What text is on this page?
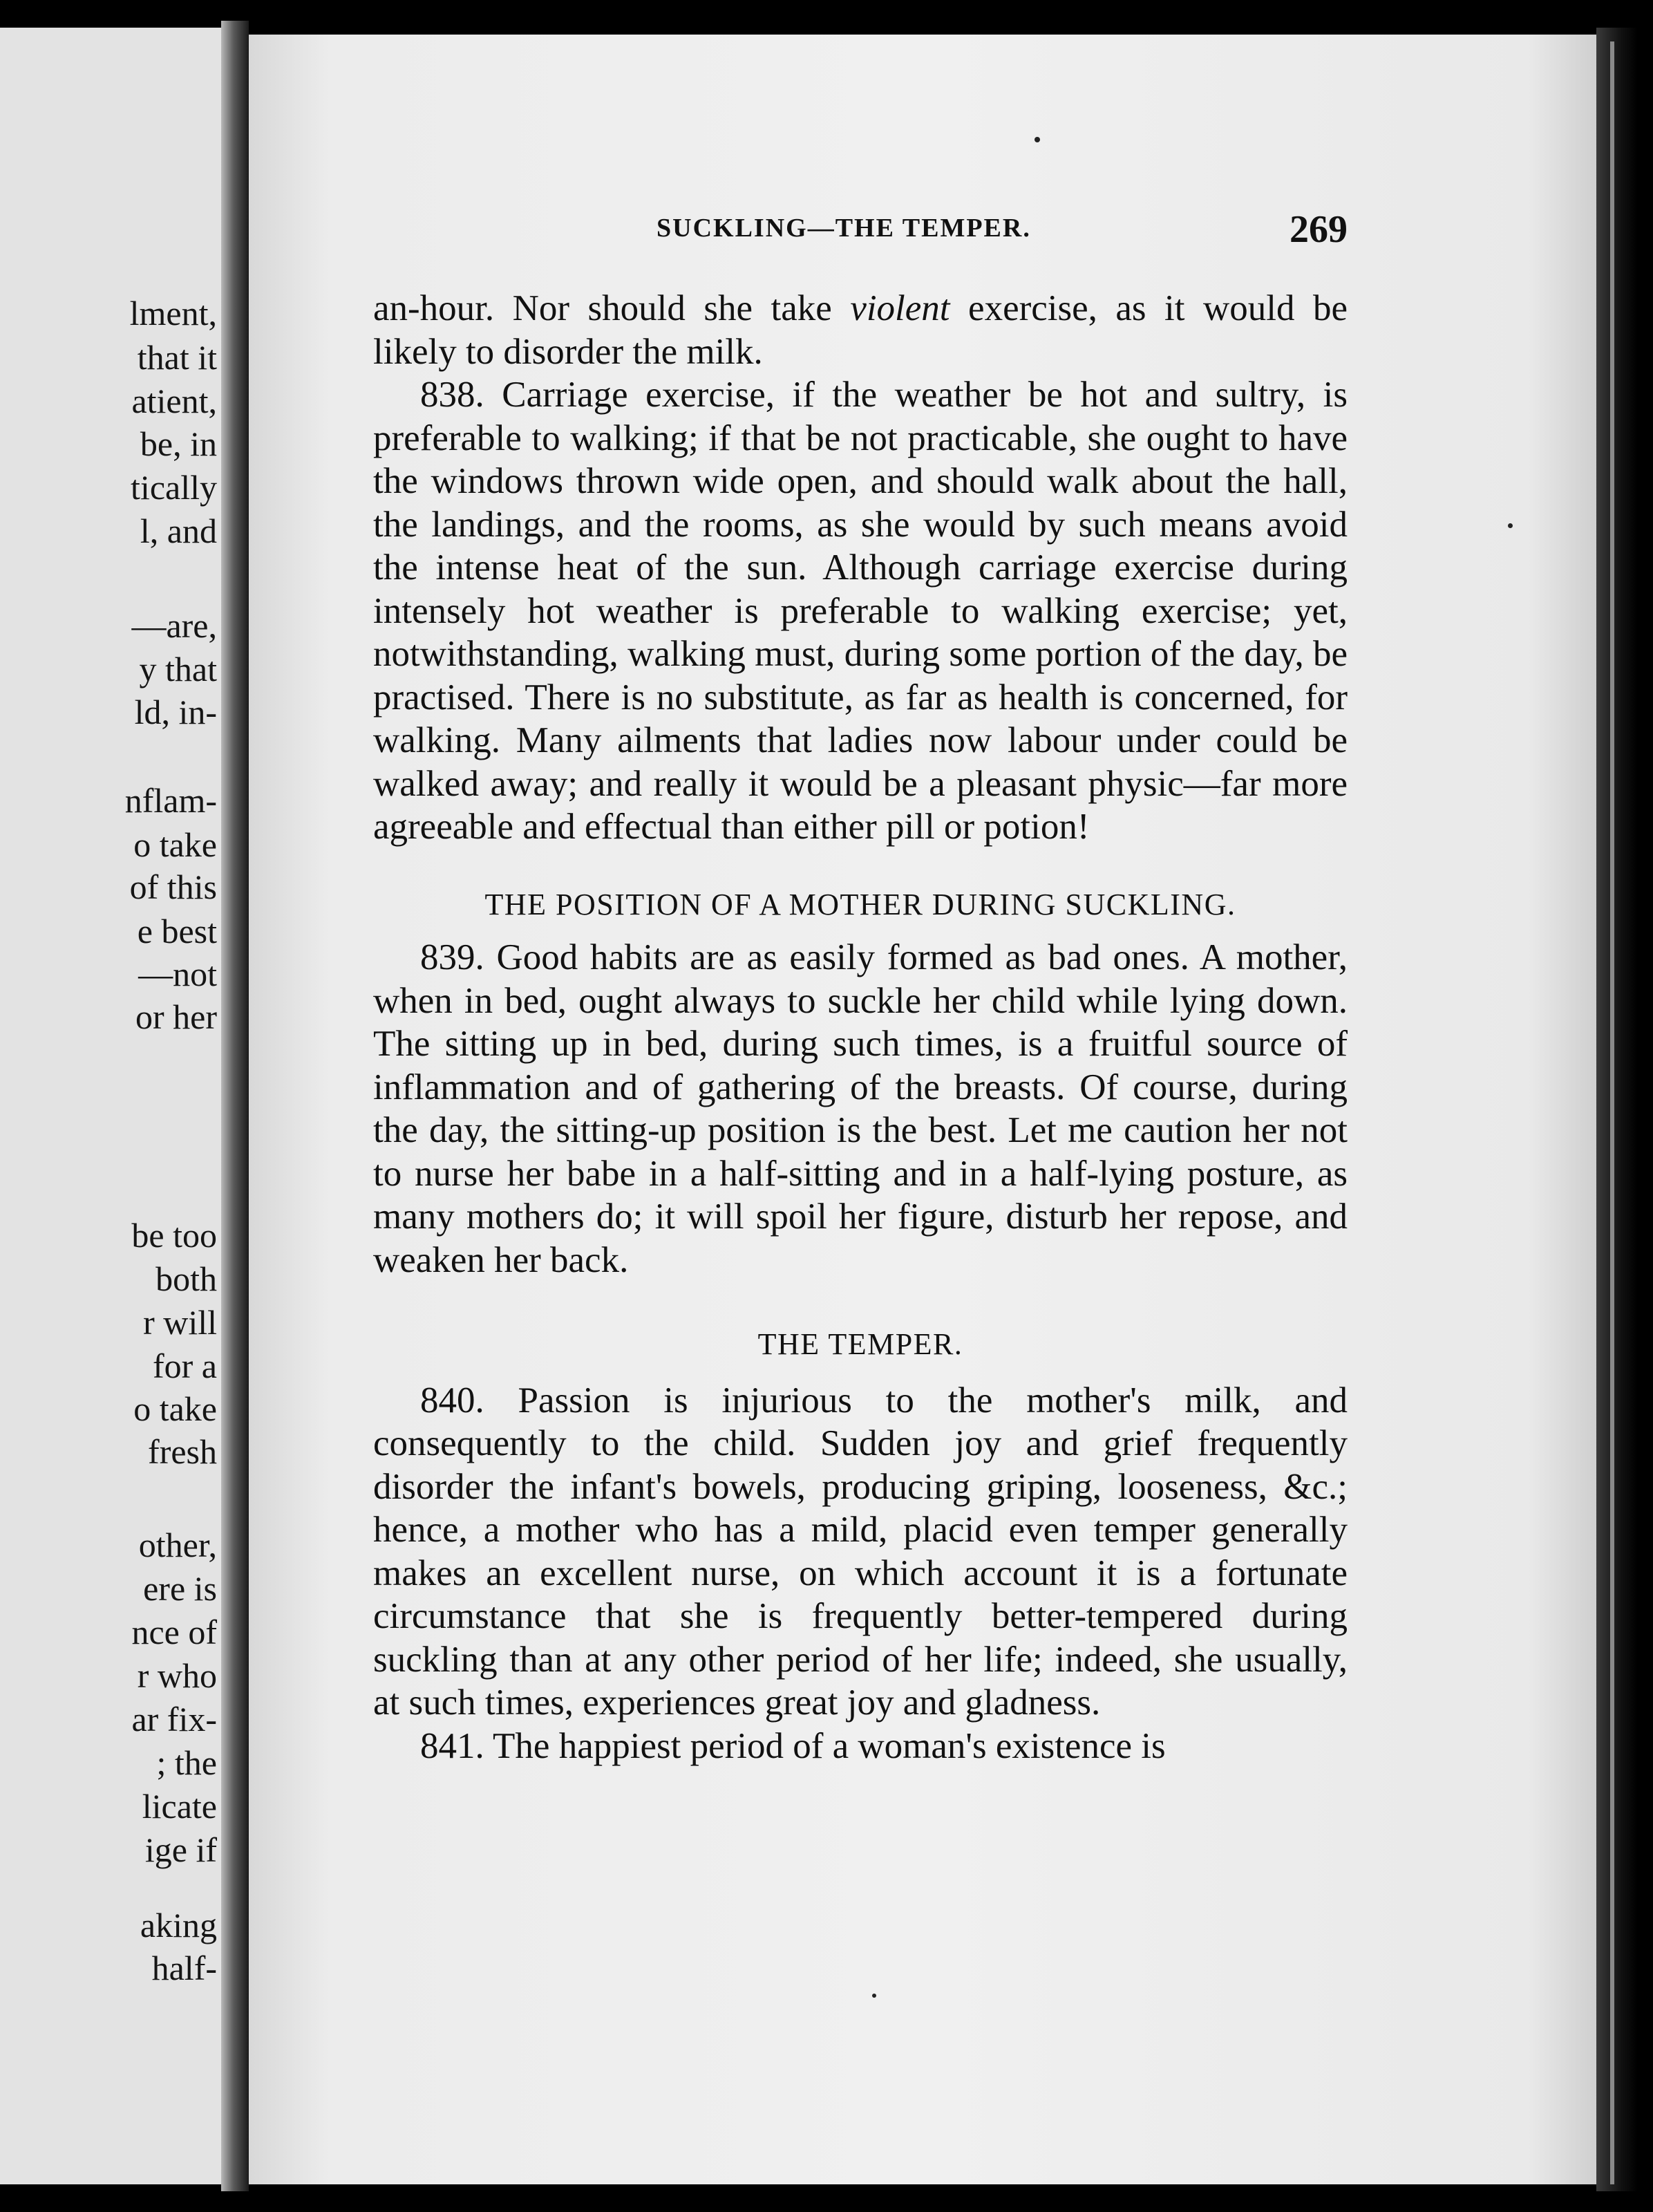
lment,
that it
atient,
be, in
tically
l, and
—are,
y that
ld, in-
nflam-
o take
of this
e best
—not
or her
be too
both
r will
for a
o take
fresh
other,
ere is
nce of
r who
ar fix-
; the
licate
ige if
aking
half-
SUCKLING—THE TEMPER.	269

an-hour. Nor should she take violent exercise, as it would be likely to disorder the milk.

838. Carriage exercise, if the weather be hot and sultry, is preferable to walking; if that be not practicable, she ought to have the windows thrown wide open, and should walk about the hall, the landings, and the rooms, as she would by such means avoid the intense heat of the sun. Although carriage exercise during intensely hot weather is preferable to walking exercise; yet, notwithstanding, walking must, during some portion of the day, be practised. There is no substitute, as far as health is concerned, for walking. Many ailments that ladies now labour under could be walked away; and really it would be a pleasant physic—far more agreeable and effectual than either pill or potion!

THE POSITION OF A MOTHER DURING SUCKLING.

839. Good habits are as easily formed as bad ones. A mother, when in bed, ought always to suckle her child while lying down. The sitting up in bed, during such times, is a fruitful source of inflammation and of gathering of the breasts. Of course, during the day, the sitting-up position is the best. Let me caution her not to nurse her babe in a half-sitting and in a half-lying posture, as many mothers do; it will spoil her figure, disturb her repose, and weaken her back.

THE TEMPER.

840. Passion is injurious to the mother's milk, and consequently to the child. Sudden joy and grief frequently disorder the infant's bowels, producing griping, looseness, &c.; hence, a mother who has a mild, placid even temper generally makes an excellent nurse, on which account it is a fortunate circumstance that she is frequently better-tempered during suckling than at any other period of her life; indeed, she usually, at such times, experiences great joy and gladness.

841. The happiest period of a woman's existence is
